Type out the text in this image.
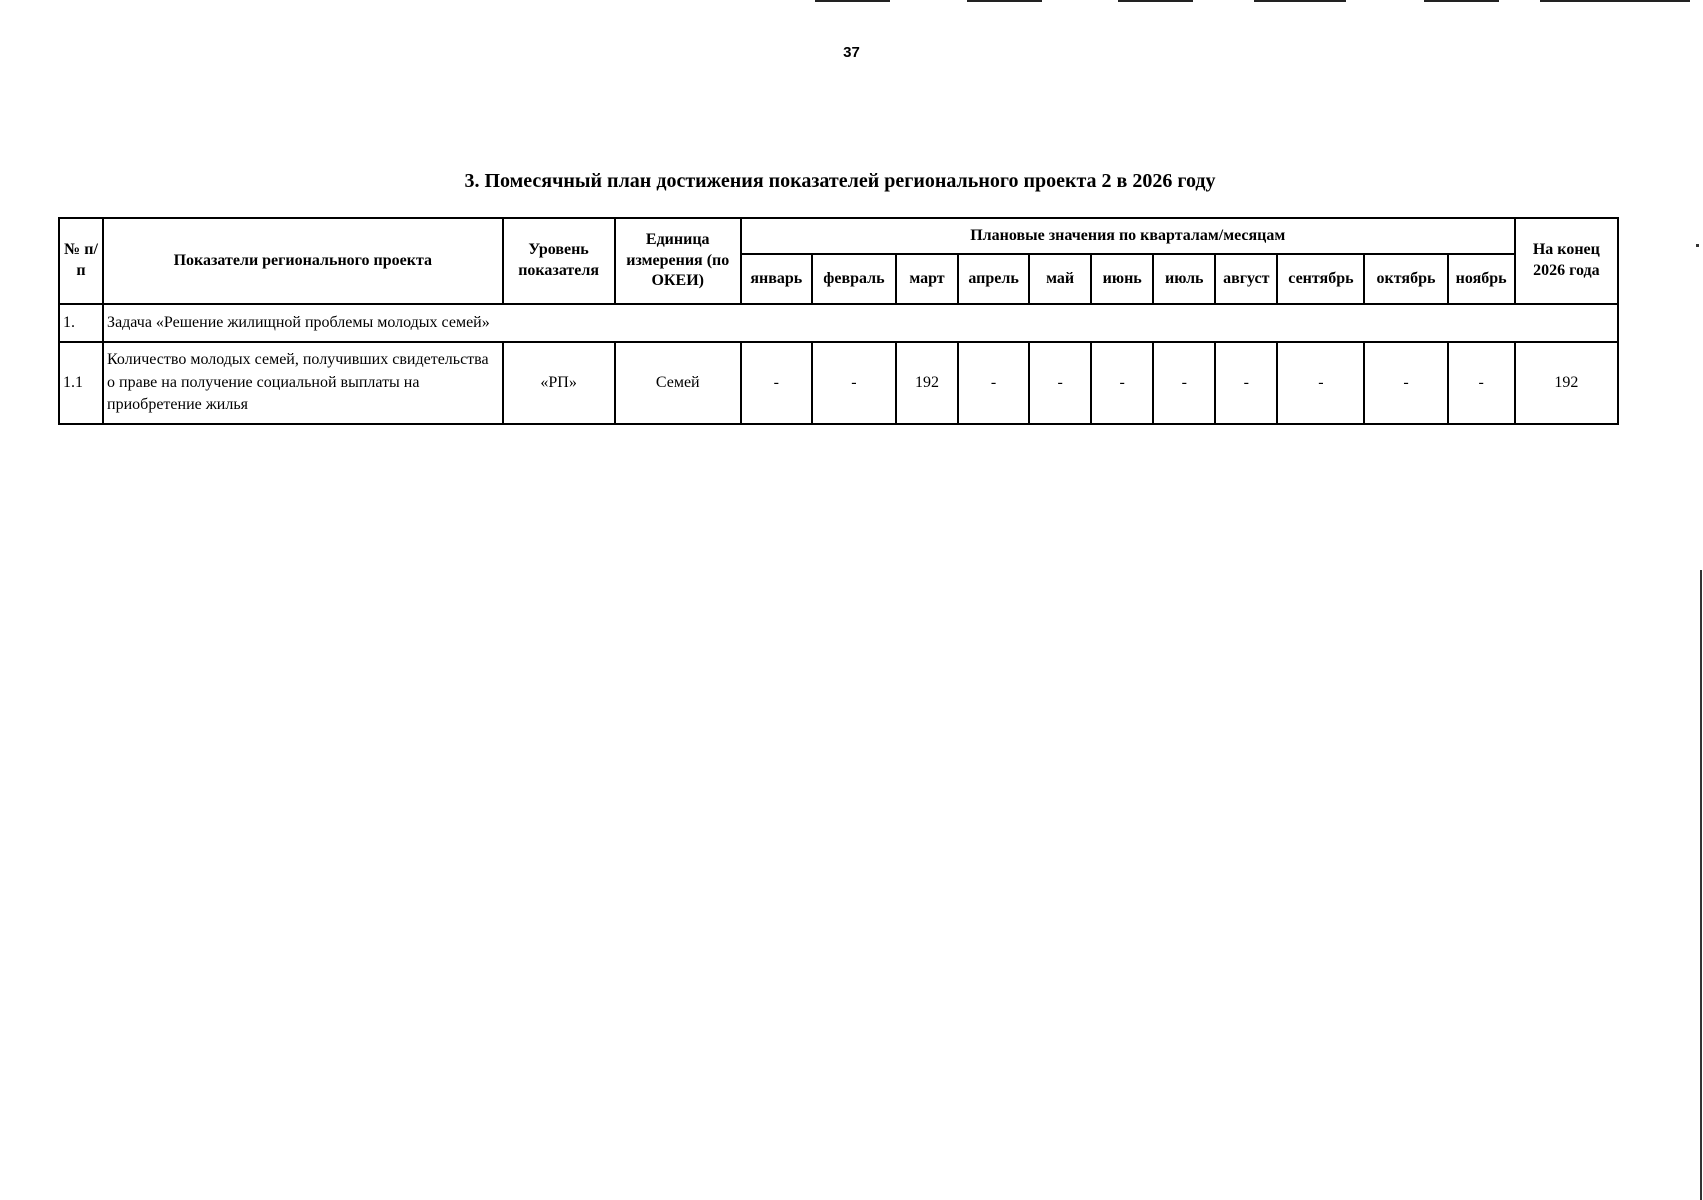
37
3. Помесячный план достижения показателей регионального проекта 2 в 2026 году
№ п/п	Показатели регионального проекта	Уровень показателя	Единица измерения (по ОКЕИ)	Плановые значения по кварталам/месяцам											На конец 2026 года
				январь	февраль	март	апрель	май	июнь	июль	август	сентябрь	октябрь	ноябрь	
1.	Задача «Решение жилищной проблемы молодых семей»														
1.1	Количество молодых семей, получивших свидетельства о праве на получение социальной выплаты на приобретение жилья	«РП»	Семей	-	-	192	-	-	-	-	-	-	-	-	192
